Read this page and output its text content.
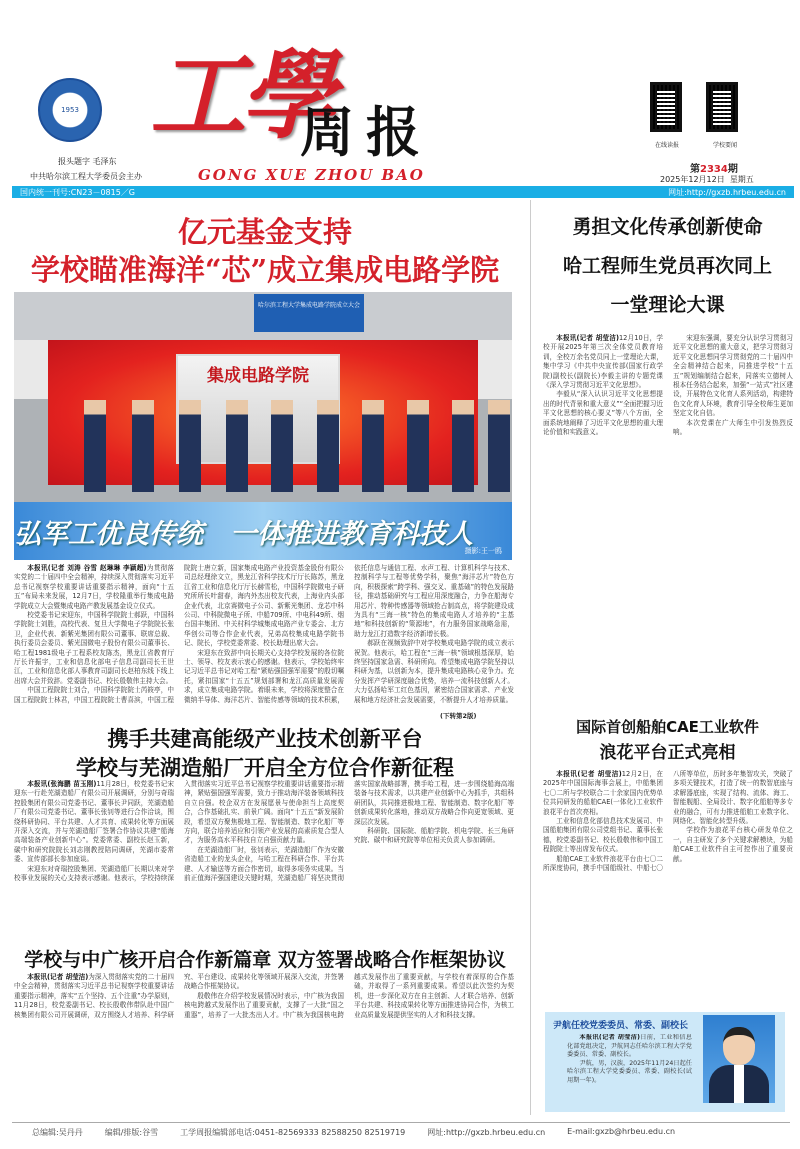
1953
报头题字 毛泽东
中共哈尔滨工程大学委员会主办
工學
周报
GONG XUE ZHOU BAO
在线读报	学校要闻
第2334期
2025年12月12日 星期五
国内统一刊号:CN23－0815／G	网址:http://gxzb.hrbeu.edu.cn
亿元基金支持
学校瞄准海洋“芯”成立集成电路学院
哈尔滨工程大学集成电路学院成立大会
集成电路学院
弘军工优良传统　一体推进教育科技人
摄影:王一鸥

本报讯(记者 刘涛 谷雪 赵琳琳 李颖超)为贯彻落实党的二十届四中全会精神，持续深入贯彻落实习近平总书记视察学校重要讲话重要指示精神，面向“十五五”布局未来发展，12月7日，学校隆重举行集成电路学院成立大会暨集成电路产教发展基金设立仪式。

校党委书记宋迎东，中国科学院院士郝跃，中国科学院院士刘胜，高校代表、复旦大学微电子学院院长张卫，企业代表、新紫光集团有限公司董事、联席总裁、执行委员会委员、紫光国微电子股份有限公司董事长、哈工程1981级电子工程系校友陈杰，黑龙江省教育厅厅长许振宇，工业和信息化部电子信息司副司长王世江，工业和信息化部人事教育司副司长赵柏东线下线上出席大会并致辞。党委副书记、校长殷敬伟主持大会。

中国工程院院士刘合，中国科学院院士芮筱亭，中国工程院院士林君，中国工程院院士曹喜滨，中国工程院院士唐立新，国家集成电路产业投资基金股份有限公司总经理徐文立，黑龙江省科学技术厅厅长陈苏，黑龙江省工业和信息化厅厅长赫雪松，中国科学院微电子研究所所长叶甜春，海内外杰出校友代表，上海业内头部企业代表，北京赛微电子公司、新紫光集团、龙芯中科公司、中科院微电子所、中船709所、中电科49所、烟台国丰集团、中关村科学城集成电路产业专委会、北方华创公司等合作企业代表，兄弟高校集成电路学院书记、院长，学校党委常委、校长助理出席大会。

宋迎东在致辞中向长期关心支持学校发展的各位院士、领导、校友表示衷心的感谢。他表示，学校始终牢记习近平总书记对哈工程“紧贴强国强军需要”的殷切嘱托，紧扣国家“十五五”规划部署和龙江高质量发展需求，成立集成电路学院。着眼未来，学校将深度整合在微纳半导体、海洋芯片、智能传感等领域的技术积累，依托信息与通信工程、水声工程、计算机科学与技术、控制科学与工程等优势学科，聚焦“海洋芯片”特色方向，积极探索“跨学科、强交叉、重基础”的特色发展路径，推动基础研究与工程应用深度融合，力争在船海专用芯片、特种传感器等领域抢占制高点，将学院建设成为具有“三海一核”特色的集成电路人才培养的“主基地”和科技创新的“策源地”，有力服务国家战略急需，助力龙江打造数字经济新增长极。

郝跃在视频致辞中对学校集成电路学院的成立表示祝贺。他表示，哈工程在“三海一核”领域根基深厚，始终坚持国家急需、科研所向。希望集成电路学院坚持以科研为基，以创新为本，提升集成电路核心竞争力。充分发挥产学研深度融合优势，培养一流科技创新人才。大力弘扬哈军工红色基因，紧密结合国家需求、产业发展和地方经济社会发展需要，不断提升人才培养质量。

(下转第2版)
携手共建高能级产业技术创新平台
学校与芜湖造船厂开启全方位合作新征程

本报讯(张海鹏 苗玉刚)11月28日，校党委书记宋迎东一行赴芜湖造船厂有限公司开展调研，分别与奇瑞控股集团有限公司党委书记、董事长尹同跃，芜湖造船厂有限公司党委书记、董事长张钊等进行合作洽谈，围绕科研协同、平台共建、人才共育、成果转化等方面展开深入交流，并与芜湖造船厂签署合作协议共建“船海高端装备产业创新中心”。党委常委、副校长赵玉新，碳中和研究院院长刘志刚教授陪同调研，芜湖市委常委、宣传部部长参加座谈。

宋迎东对奇瑞控股集团、芜湖造船厂长期以来对学校事业发展的关心支持表示感谢。他表示，学校持续深入贯彻落实习近平总书记视察学校重要讲话重要指示精神，紧贴强国强军需要，致力于推动海洋装备领域科技自立自强。校企双方在发展愿景与使命担当上高度契合，合作基础扎实、前景广阔。面向“十五五”新发展阶段，希望双方聚焦极地工程、智能制造、数字化船厂等方向，联合培养适应和引领产业发展的高素质复合型人才，为服务高水平科技自立自强贡献力量。

在芜湖造船厂时，张钊表示，芜湖造船厂作为安徽省造船工业的龙头企业，与哈工程在科研合作、平台共建、人才输送等方面合作密切，取得多项务实成果。当前正值海洋强国建设关键时期，芜湖造船厂将坚决贯彻落实国家战略部署，携手哈工程，进一步围绕船海高端装备与技术需求，以共建产业创新中心为抓手，共组科研团队，共同推进极地工程、智能制造、数字化船厂等创新成果转化落地，推动双方战略合作向更宽领域、更深层次发展。

科研院、国际院、船舶学院、机电学院、长三角研究院、碳中和研究院等单位相关负责人参加调研。

学校与中广核开启合作新篇章 双方签署战略合作框架协议

本报讯(记者 胡莹洁)为深入贯彻落实党的二十届四中全会精神，贯彻落实习近平总书记视察学校重要讲话重要指示精神，落实“五个坚持、五个注重”办学原则，11月28日，校党委副书记、校长殷敬伟带队赴中国广核集团有限公司开展调研，双方围绕人才培养、科学研究、平台建设、成果转化等领域开展深入交流，并签署战略合作框架协议。

殷敬伟在介绍学校发展情况时表示，中广核为我国核电跨越式发展作出了重要贡献，支撑了一大批“国之重器”，培养了一大批杰出人才。中广核为我国核电跨越式发展作出了重要贡献，与学校有着深厚的合作基础，并取得了一系列重要成果。希望以此次签约为契机，进一步深化双方在自主创新、人才联合培养、创新平台共建、科技成果转化等方面推进协同合作，为核工业高质量发展提供坚实的人才和科技支撑。

勇担文化传承创新使命
哈工程师生党员再次同上
一堂理论大课

本报讯(记者 胡莹洁)12月10日，学校开展2025年第三次全体党员教育培训，全校万余名党员同上一堂理论大课，集中学习《中共中央宣传部(国家行政学院)副校长(副院长)李毅主讲的专题党课《深入学习贯彻习近平文化思想》。

李毅从“深入认识习近平文化思想提出的时代背景和重大意义”“全面把握习近平文化思想的核心要义”等八个方面，全面系统地阐释了习近平文化思想的重大理论价值和实践意义。

宋迎东强调，要充分认识学习贯彻习近平文化思想的重大意义，把学习贯彻习近平文化思想同学习贯彻党的二十届四中全会精神结合起来，同推进学校“十五五”规划编制结合起来，同落实立德树人根本任务结合起来，加强“一站式”社区建设，开展特色文化育人系列活动，构建特色文化育人环境，教育引导全校师生更加坚定文化自信。

本次党课在广大师生中引发热烈反响。

国际首创船舶CAE工业软件
浪花平台正式亮相

本报讯(记者 胡莹洁)12月2日，在2025年中国国际海事会展上，中船集团七〇二所与学校联合二十余家国内优势单位共同研发的船舶CAE(一体化)工业软件浪花平台首次亮相。

工业和信息化部信息技术发展司、中国船舶集团有限公司党组书记、董事长张德，校党委副书记、校长殷敬伟和中国工程院院士等出席发布仪式。

船舶CAE工业软件浪花平台由七〇二所深度协同，携手中国船级社、中船七〇八所等单位，历时多年集智攻关，突破了多项关键技术，打造了统一的数智底座与求解器底座，实现了结构、流体、海工、智能舰船、全局设计、数字化船舶等多专业的融合，可有力推进船舶工业数字化、网络化、智能化转型升级。

学校作为浪花平台核心研发单位之一，自主研发了多个关键求解模块，为船舶CAE工业软件自主可控作出了重要贡献。

尹航任校党委委员、常委、副校长

本报讯(记者 胡莹洁)日前，工业和信息化部党组决定，尹航同志任哈尔滨工程大学党委委员、常委、副校长。

尹航，男，汉族，2025年11月24日起任哈尔滨工程大学党委委员、常委、副校长(试用期一年)。

总编辑:吴丹丹	编辑/排版:谷雪	工学周报编辑部电话:0451-82569333 82588250 82519719	网址:http://gxzb.hrbeu.edu.cn	E-mail:gxzb@hrbeu.edu.cn
